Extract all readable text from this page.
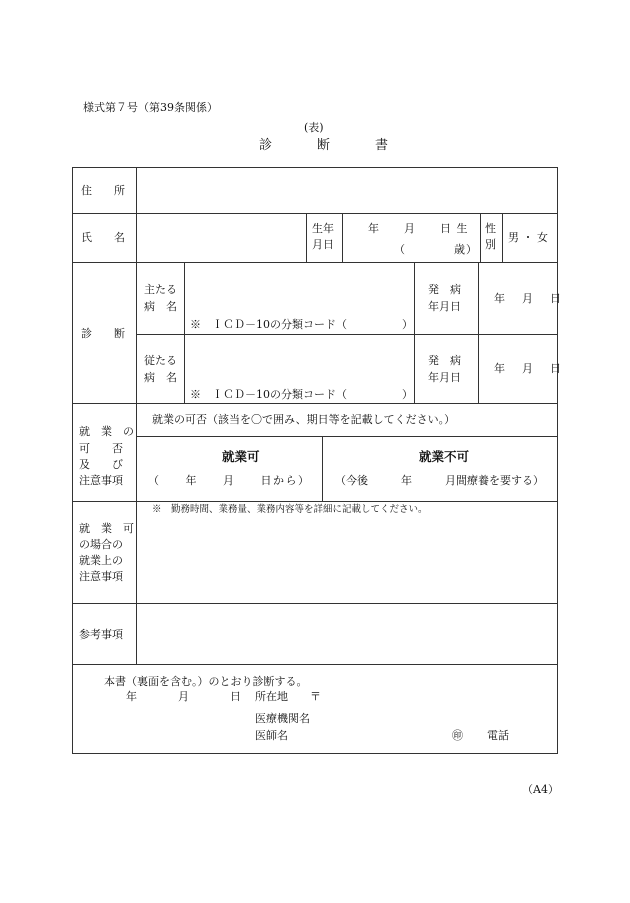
様式第７号（第39条関係）
(表)
診　断　書
住　　所
氏　　名
生年
月日
年　　月　　日 生
（　　　　歳）
性
別
男 ・ 女
診　　断
主たる
病　名
※　ＩＣＤ－10の分類コード（　　　　　）
発　病
年月日
年　月　日
従たる
病　名
※　ＩＣＤ－10の分類コード（　　　　　）
発　病
年月日
年　月　日
就　業　の
可　　否
及　　び
注意事項
就業の可否（該当を〇で囲み、期日等を記載してください。）
就業可
（　　年　　月　　日から）
就業不可
（今後　　　年　　　月間療養を要する）
就　業　可
の場合の
就業上の
注意事項
※　勤務時間、業務量、業務内容等を詳細に記載してください。
参考事項
本書（裏面を含む。）のとおり診断する。
年　　　月　　　日 所在地　　〒
医療機関名
医師名	㊞ 電話
（A4）
